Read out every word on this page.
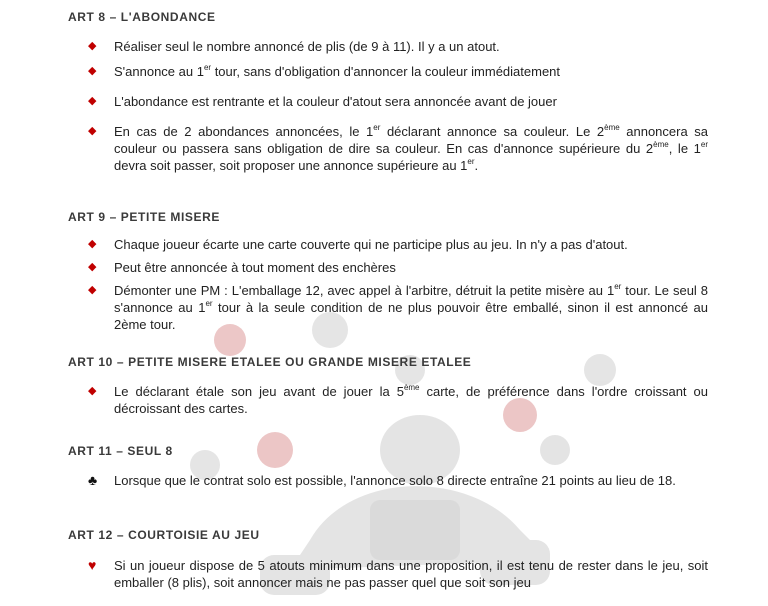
ART 8 – L'ABONDANCE
◆	Réaliser seul le nombre annoncé de plis (de 9 à 11). Il y a un atout.
◆	S'annonce au 1er tour, sans d'obligation d'annoncer la couleur immédiatement
◆	L'abondance est rentrante et la couleur d'atout sera annoncée avant de jouer
◆	En cas de 2 abondances annoncées, le 1er déclarant annonce sa couleur. Le 2ème annoncera sa couleur ou passera sans obligation de dire sa couleur. En cas d'annonce supérieure du 2ème, le 1er devra soit passer, soit proposer une annonce supérieure au 1er.
ART 9 – PETITE MISERE
◆	Chaque joueur écarte une carte couverte qui ne participe plus au jeu. In n'y a pas d'atout.
◆	Peut être annoncée à tout moment des enchères
◆	Démonter une PM : L'emballage 12, avec appel à l'arbitre, détruit la petite misère au 1er tour. Le seul 8 s'annonce au 1er tour à la seule condition de ne plus pouvoir être emballé, sinon il est annoncé au 2ème tour.
ART 10 – PETITE MISERE ETALEE OU GRANDE MISERE ETALEE
◆	Le déclarant étale son jeu avant de jouer la 5ème carte, de préférence dans l'ordre croissant ou décroissant des cartes.
ART 11 – SEUL 8
♣	Lorsque que le contrat solo est possible, l'annonce solo 8 directe entraîne 21 points au lieu de 18.
ART 12 – COURTOISIE AU JEU
♥	Si un joueur dispose de 5 atouts minimum dans une proposition, il est tenu de rester dans le jeu, soit emballer (8 plis), soit annoncer mais ne pas passer quel que soit son jeu
